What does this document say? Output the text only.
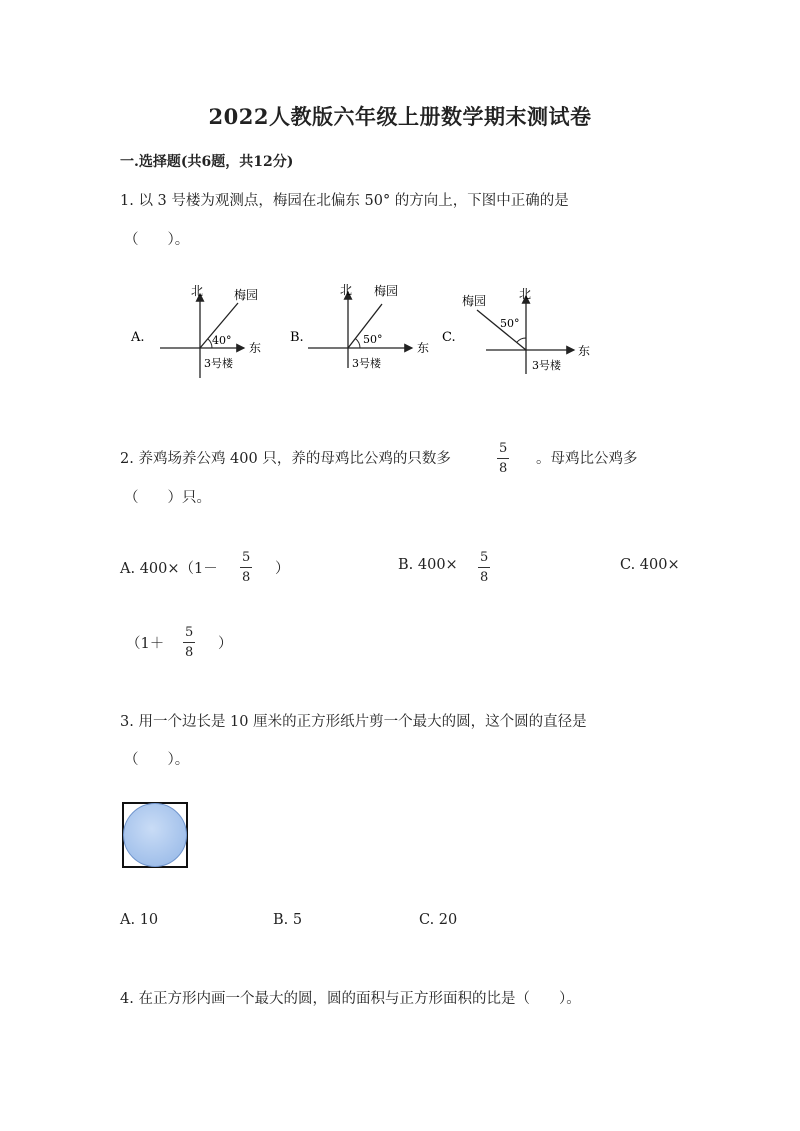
2022人教版六年级上册数学期末测试卷
一.选择题(共6题，共12分)
1. 以 3 号楼为观测点，梅园在北偏东 50° 的方向上，下图中正确的是
（　　）。
A.
北
东
梅园
40°
3号楼
B.
北
东
梅园
50°
3号楼
C.
北
东
梅园
50°
3号楼
2. 养鸡场养公鸡 400 只，养的母鸡比公鸡的只数多
5
8
。母鸡比公鸡多
（　　）只。
A. 400×（1－
5
8
）	B. 400× 5
8
C. 400×
（1＋
5
8
）
3. 用一个边长是 10 厘米的正方形纸片剪一个最大的圆，这个圆的直径是
（　　）。
A. 10	B. 5	C. 20
4. 在正方形内画一个最大的圆，圆的面积与正方形面积的比是（　　）。
